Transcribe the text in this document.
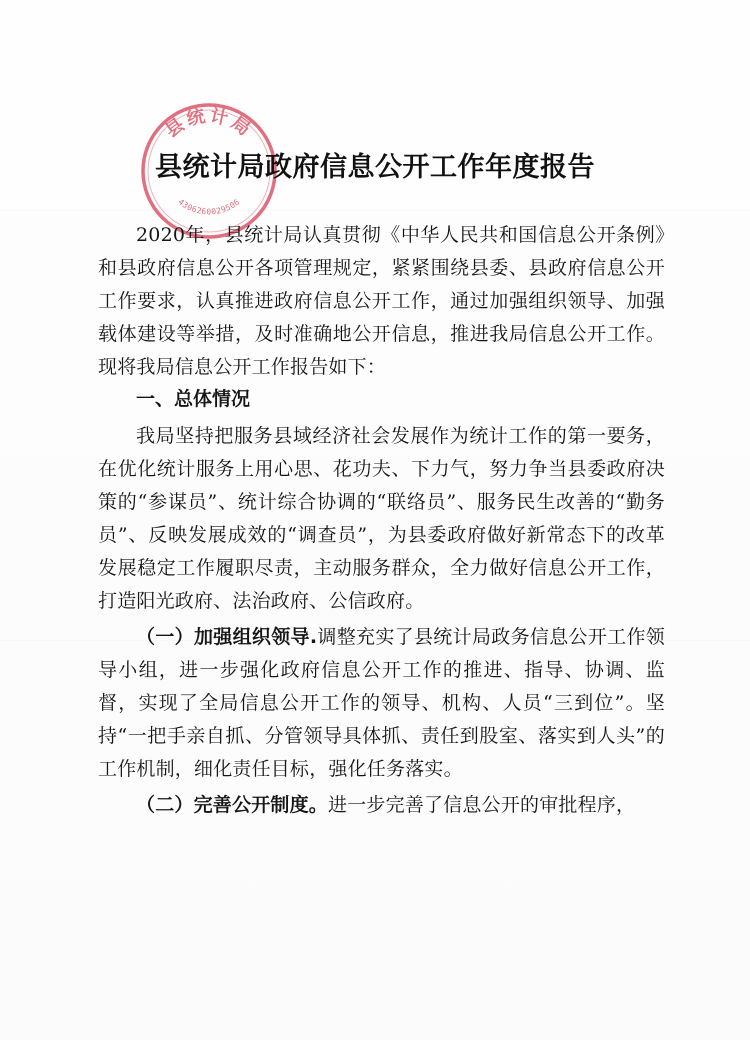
县统计局
4306260029506
县统计局政府信息公开工作年度报告

2020年，县统计局认真贯彻《中华人民共和国信息公开条例》和县政府信息公开各项管理规定，紧紧围绕县委、县政府信息公开工作要求，认真推进政府信息公开工作，通过加强组织领导、加强载体建设等举措，及时准确地公开信息，推进我局信息公开工作。现将我局信息公开工作报告如下：

一、总体情况

我局坚持把服务县域经济社会发展作为统计工作的第一要务，在优化统计服务上用心思、花功夫、下力气，努力争当县委政府决策的“参谋员”、统计综合协调的“联络员”、服务民生改善的“勤务员”、反映发展成效的“调查员”，为县委政府做好新常态下的改革发展稳定工作履职尽责，主动服务群众，全力做好信息公开工作，打造阳光政府、法治政府、公信政府。

（一）加强组织领导.调整充实了县统计局政务信息公开工作领导小组，进一步强化政府信息公开工作的推进、指导、协调、监督，实现了全局信息公开工作的领导、机构、人员“三到位”。坚持“一把手亲自抓、分管领导具体抓、责任到股室、落实到人头”的工作机制，细化责任目标，强化任务落实。

（二）完善公开制度。进一步完善了信息公开的审批程序，
